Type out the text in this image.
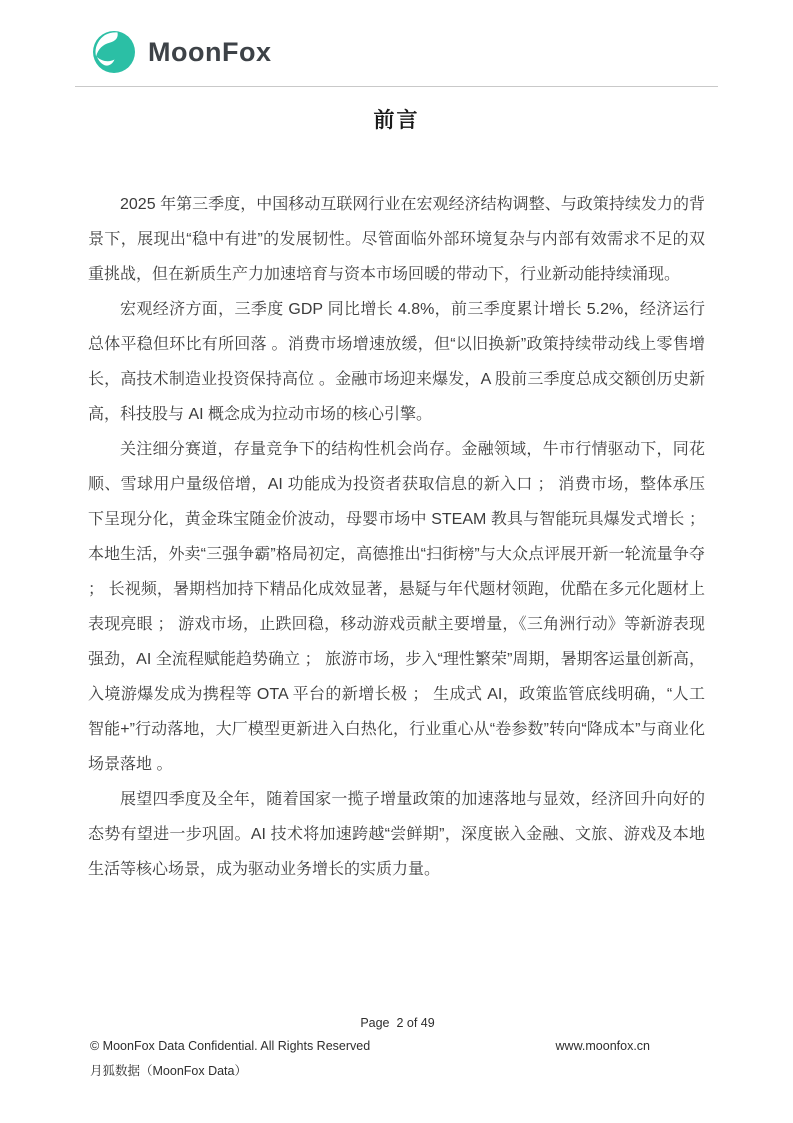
MoonFox
前言

2025 年第三季度，中国移动互联网行业在宏观经济结构调整、与政策持续发力的背景下，展现出“稳中有进”的发展韧性。尽管面临外部环境复杂与内部有效需求不足的双重挑战，但在新质生产力加速培育与资本市场回暖的带动下，行业新动能持续涌现。

宏观经济方面，三季度 GDP 同比增长 4.8%，前三季度累计增长 5.2%，经济运行总体平稳但环比有所回落 。消费市场增速放缓，但“以旧换新”政策持续带动线上零售增长，高技术制造业投资保持高位 。金融市场迎来爆发，A 股前三季度总成交额创历史新高，科技股与 AI 概念成为拉动市场的核心引擎。

关注细分赛道，存量竞争下的结构性机会尚存。金融领域，牛市行情驱动下，同花顺、雪球用户量级倍增，AI 功能成为投资者获取信息的新入口 ； 消费市场，整体承压下呈现分化，黄金珠宝随金价波动，母婴市场中 STEAM 教具与智能玩具爆发式增长 ； 本地生活，外卖“三强争霸”格局初定，高德推出“扫街榜”与大众点评展开新一轮流量争夺 ； 长视频，暑期档加持下精品化成效显著，悬疑与年代题材领跑，优酷在多元化题材上表现亮眼 ； 游戏市场，止跌回稳，移动游戏贡献主要增量，《三角洲行动》等新游表现强劲，AI 全流程赋能趋势确立 ； 旅游市场，步入“理性繁荣”周期，暑期客运量创新高，入境游爆发成为携程等 OTA 平台的新增长极 ； 生成式 AI，政策监管底线明确，“人工智能+”行动落地，大厂模型更新进入白热化，行业重心从“卷参数”转向“降成本”与商业化场景落地 。

展望四季度及全年，随着国家一揽子增量政策的加速落地与显效，经济回升向好的态势有望进一步巩固。AI 技术将加速跨越“尝鲜期”，深度嵌入金融、文旅、游戏及本地生活等核心场景，成为驱动业务增长的实质力量。

Page  2 of 49
© MoonFox Data Confidential. All Rights Reserved	www.moonfox.cn
月狐数据（MoonFox Data）
